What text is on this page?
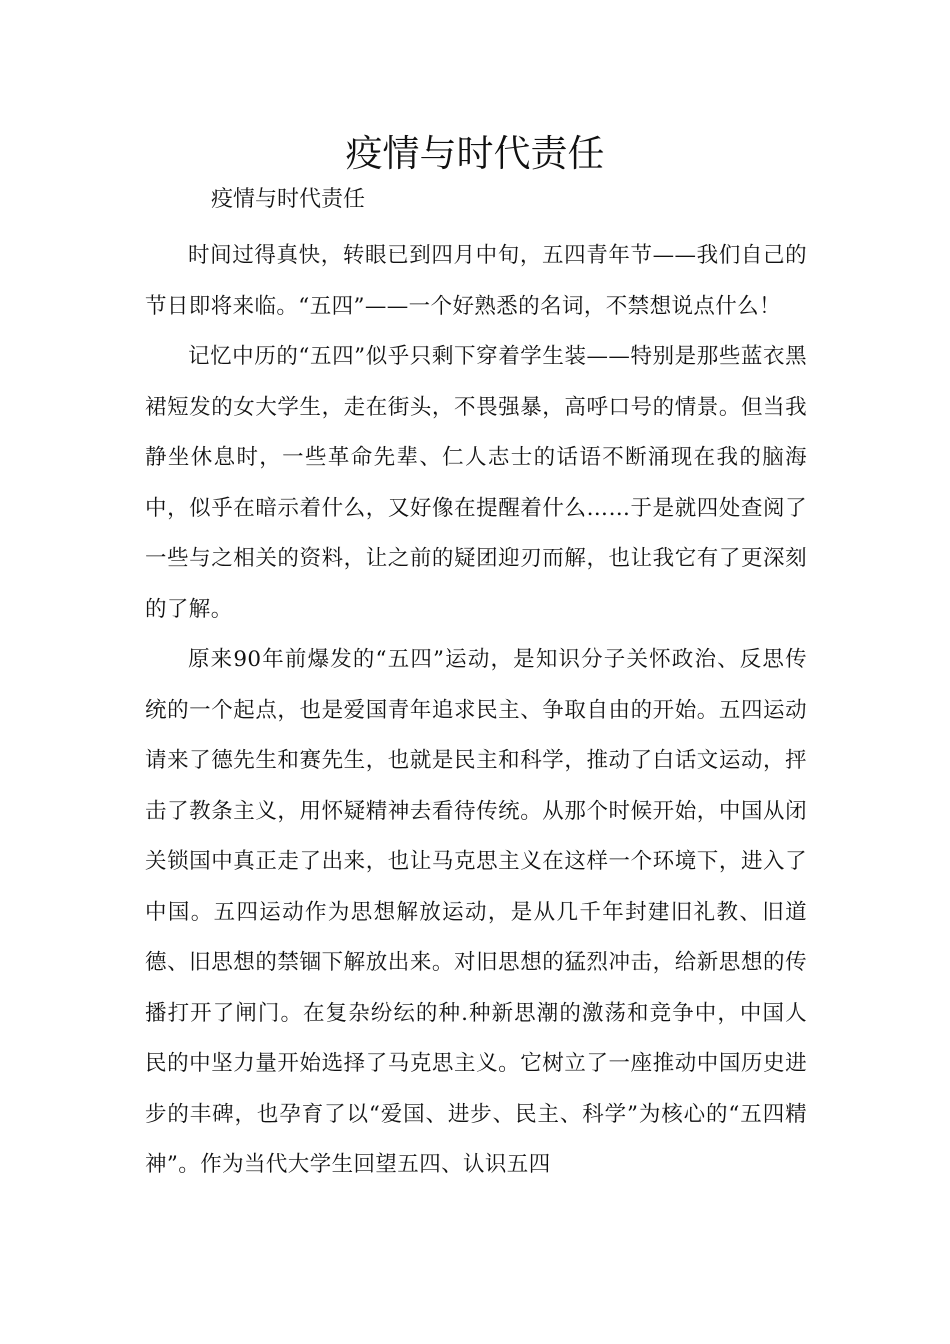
疫情与时代责任
疫情与时代责任

时间过得真快，转眼已到四月中旬，五四青年节——我们自己的节日即将来临。“五四”——一个好熟悉的名词，不禁想说点什么！

记忆中历的“五四”似乎只剩下穿着学生装——特别是那些蓝衣黑裙短发的女大学生，走在街头，不畏强暴，高呼口号的情景。但当我静坐休息时，一些革命先辈、仁人志士的话语不断涌现在我的脑海中，似乎在暗示着什么，又好像在提醒着什么……于是就四处查阅了一些与之相关的资料，让之前的疑团迎刃而解，也让我它有了更深刻的了解。

原来90年前爆发的“五四”运动，是知识分子关怀政治、反思传统的一个起点，也是爱国青年追求民主、争取自由的开始。五四运动请来了德先生和赛先生，也就是民主和科学，推动了白话文运动，抨击了教条主义，用怀疑精神去看待传统。从那个时候开始，中国从闭关锁国中真正走了出来，也让马克思主义在这样一个环境下，进入了中国。五四运动作为思想解放运动，是从几千年封建旧礼教、旧道德、旧思想的禁锢下解放出来。对旧思想的猛烈冲击，给新思想的传播打开了闸门。在复杂纷纭的种.种新思潮的激荡和竞争中，中国人民的中坚力量开始选择了马克思主义。它树立了一座推动中国历史进步的丰碑，也孕育了以“爱国、进步、民主、科学”为核心的“五四精神”。作为当代大学生回望五四、认识五四
